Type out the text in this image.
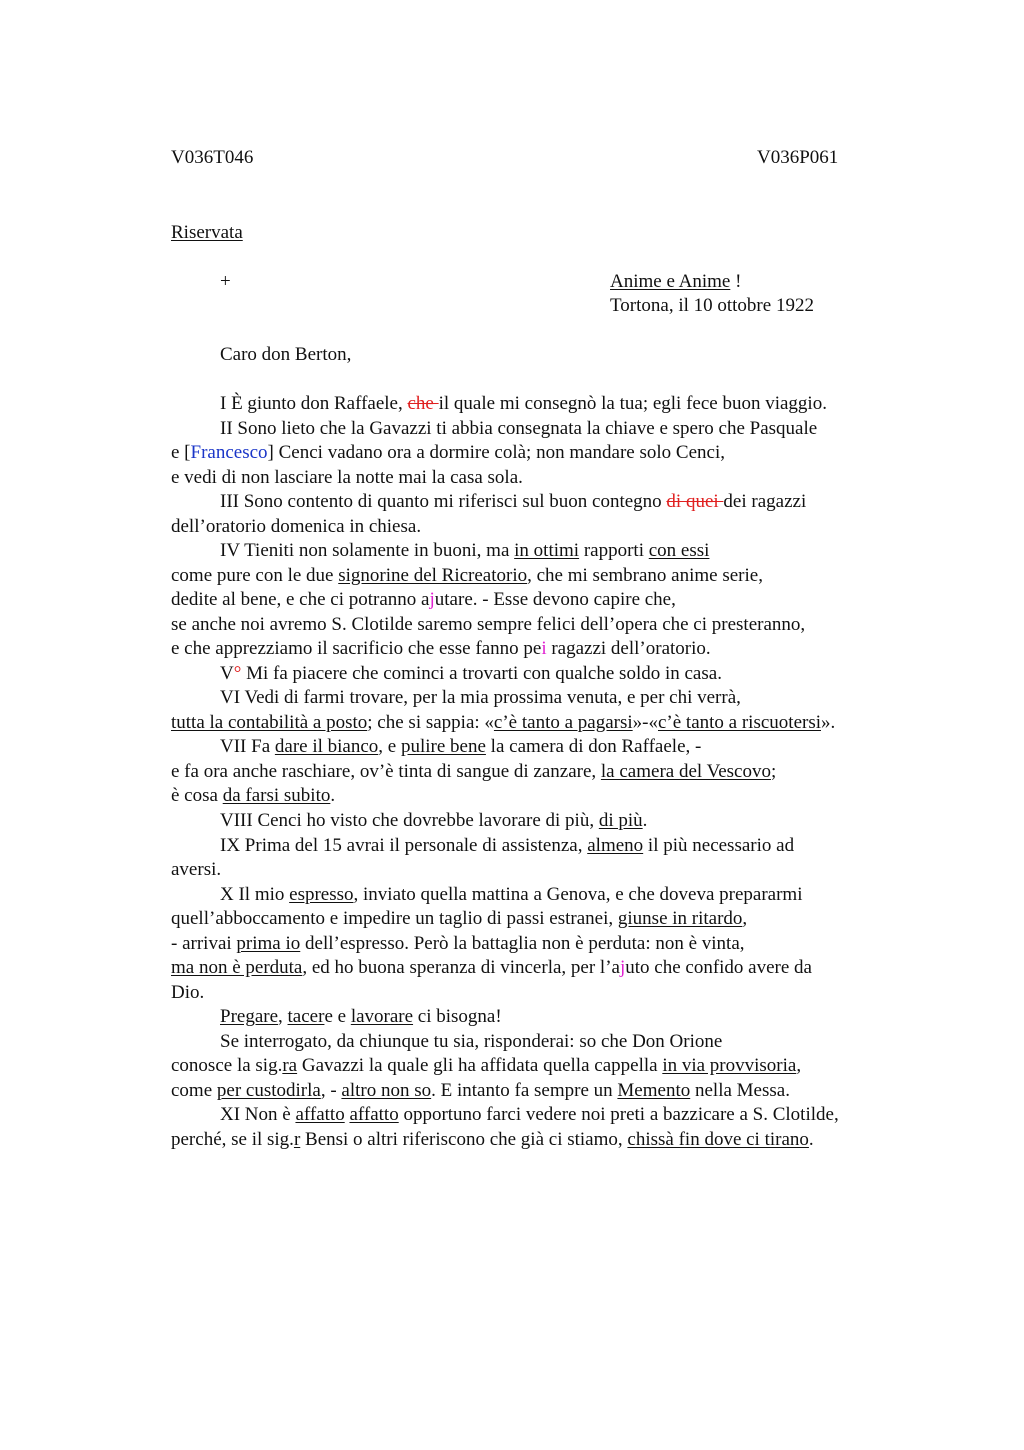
V036T046	V036P061
Riservata
+	Anime e Anime !
Tortona, il 10 ottobre 1922
Caro don Berton,
I È giunto don Raffaele, che il quale mi consegnò la tua; egli fece buon viaggio.
II Sono lieto che la Gavazzi ti abbia consegnata la chiave e spero che Pasquale
e [Francesco] Cenci vadano ora a dormire colà; non mandare solo Cenci,
e vedi di non lasciare la notte mai la casa sola.
III Sono contento di quanto mi riferisci sul buon contegno di quei dei ragazzi
dell’oratorio domenica in chiesa.
IV Tieniti non solamente in buoni, ma in ottimi rapporti con essi
come pure con le due signorine del Ricreatorio, che mi sembrano anime serie,
dedite al bene, e che ci potranno ajutare. - Esse devono capire che,
se anche noi avremo S. Clotilde saremo sempre felici dell’opera che ci presteranno,
e che apprezziamo il sacrificio che esse fanno pei ragazzi dell’oratorio.
V° Mi fa piacere che cominci a trovarti con qualche soldo in casa.
VI Vedi di farmi trovare, per la mia prossima venuta, e per chi verrà,
tutta la contabilità a posto; che si sappia: «c’è tanto a pagarsi»-«c’è tanto a riscuotersi».
VII Fa dare il bianco, e pulire bene la camera di don Raffaele, -
e fa ora anche raschiare, ov’è tinta di sangue di zanzare, la camera del Vescovo;
è cosa da farsi subito.
VIII Cenci ho visto che dovrebbe lavorare di più, di più.
IX Prima del 15 avrai il personale di assistenza, almeno il più necessario ad
aversi.
X Il mio espresso, inviato quella mattina a Genova, e che doveva prepararmi
quell’abboccamento e impedire un taglio di passi estranei, giunse in ritardo,
- arrivai prima io dell’espresso. Però la battaglia non è perduta: non è vinta,
ma non è perduta, ed ho buona speranza di vincerla, per l’ajuto che confido avere da
Dio.
Pregare, tacere e lavorare ci bisogna!
Se interrogato, da chiunque tu sia, risponderai: so che Don Orione
conosce la sig.ra Gavazzi la quale gli ha affidata quella cappella in via provvisoria,
come per custodirla, - altro non so. E intanto fa sempre un Memento nella Messa.
XI Non è affatto affatto opportuno farci vedere noi preti a bazzicare a S. Clotilde,
perché, se il sig.r Bensi o altri riferiscono che già ci stiamo, chissà fin dove ci tirano.
